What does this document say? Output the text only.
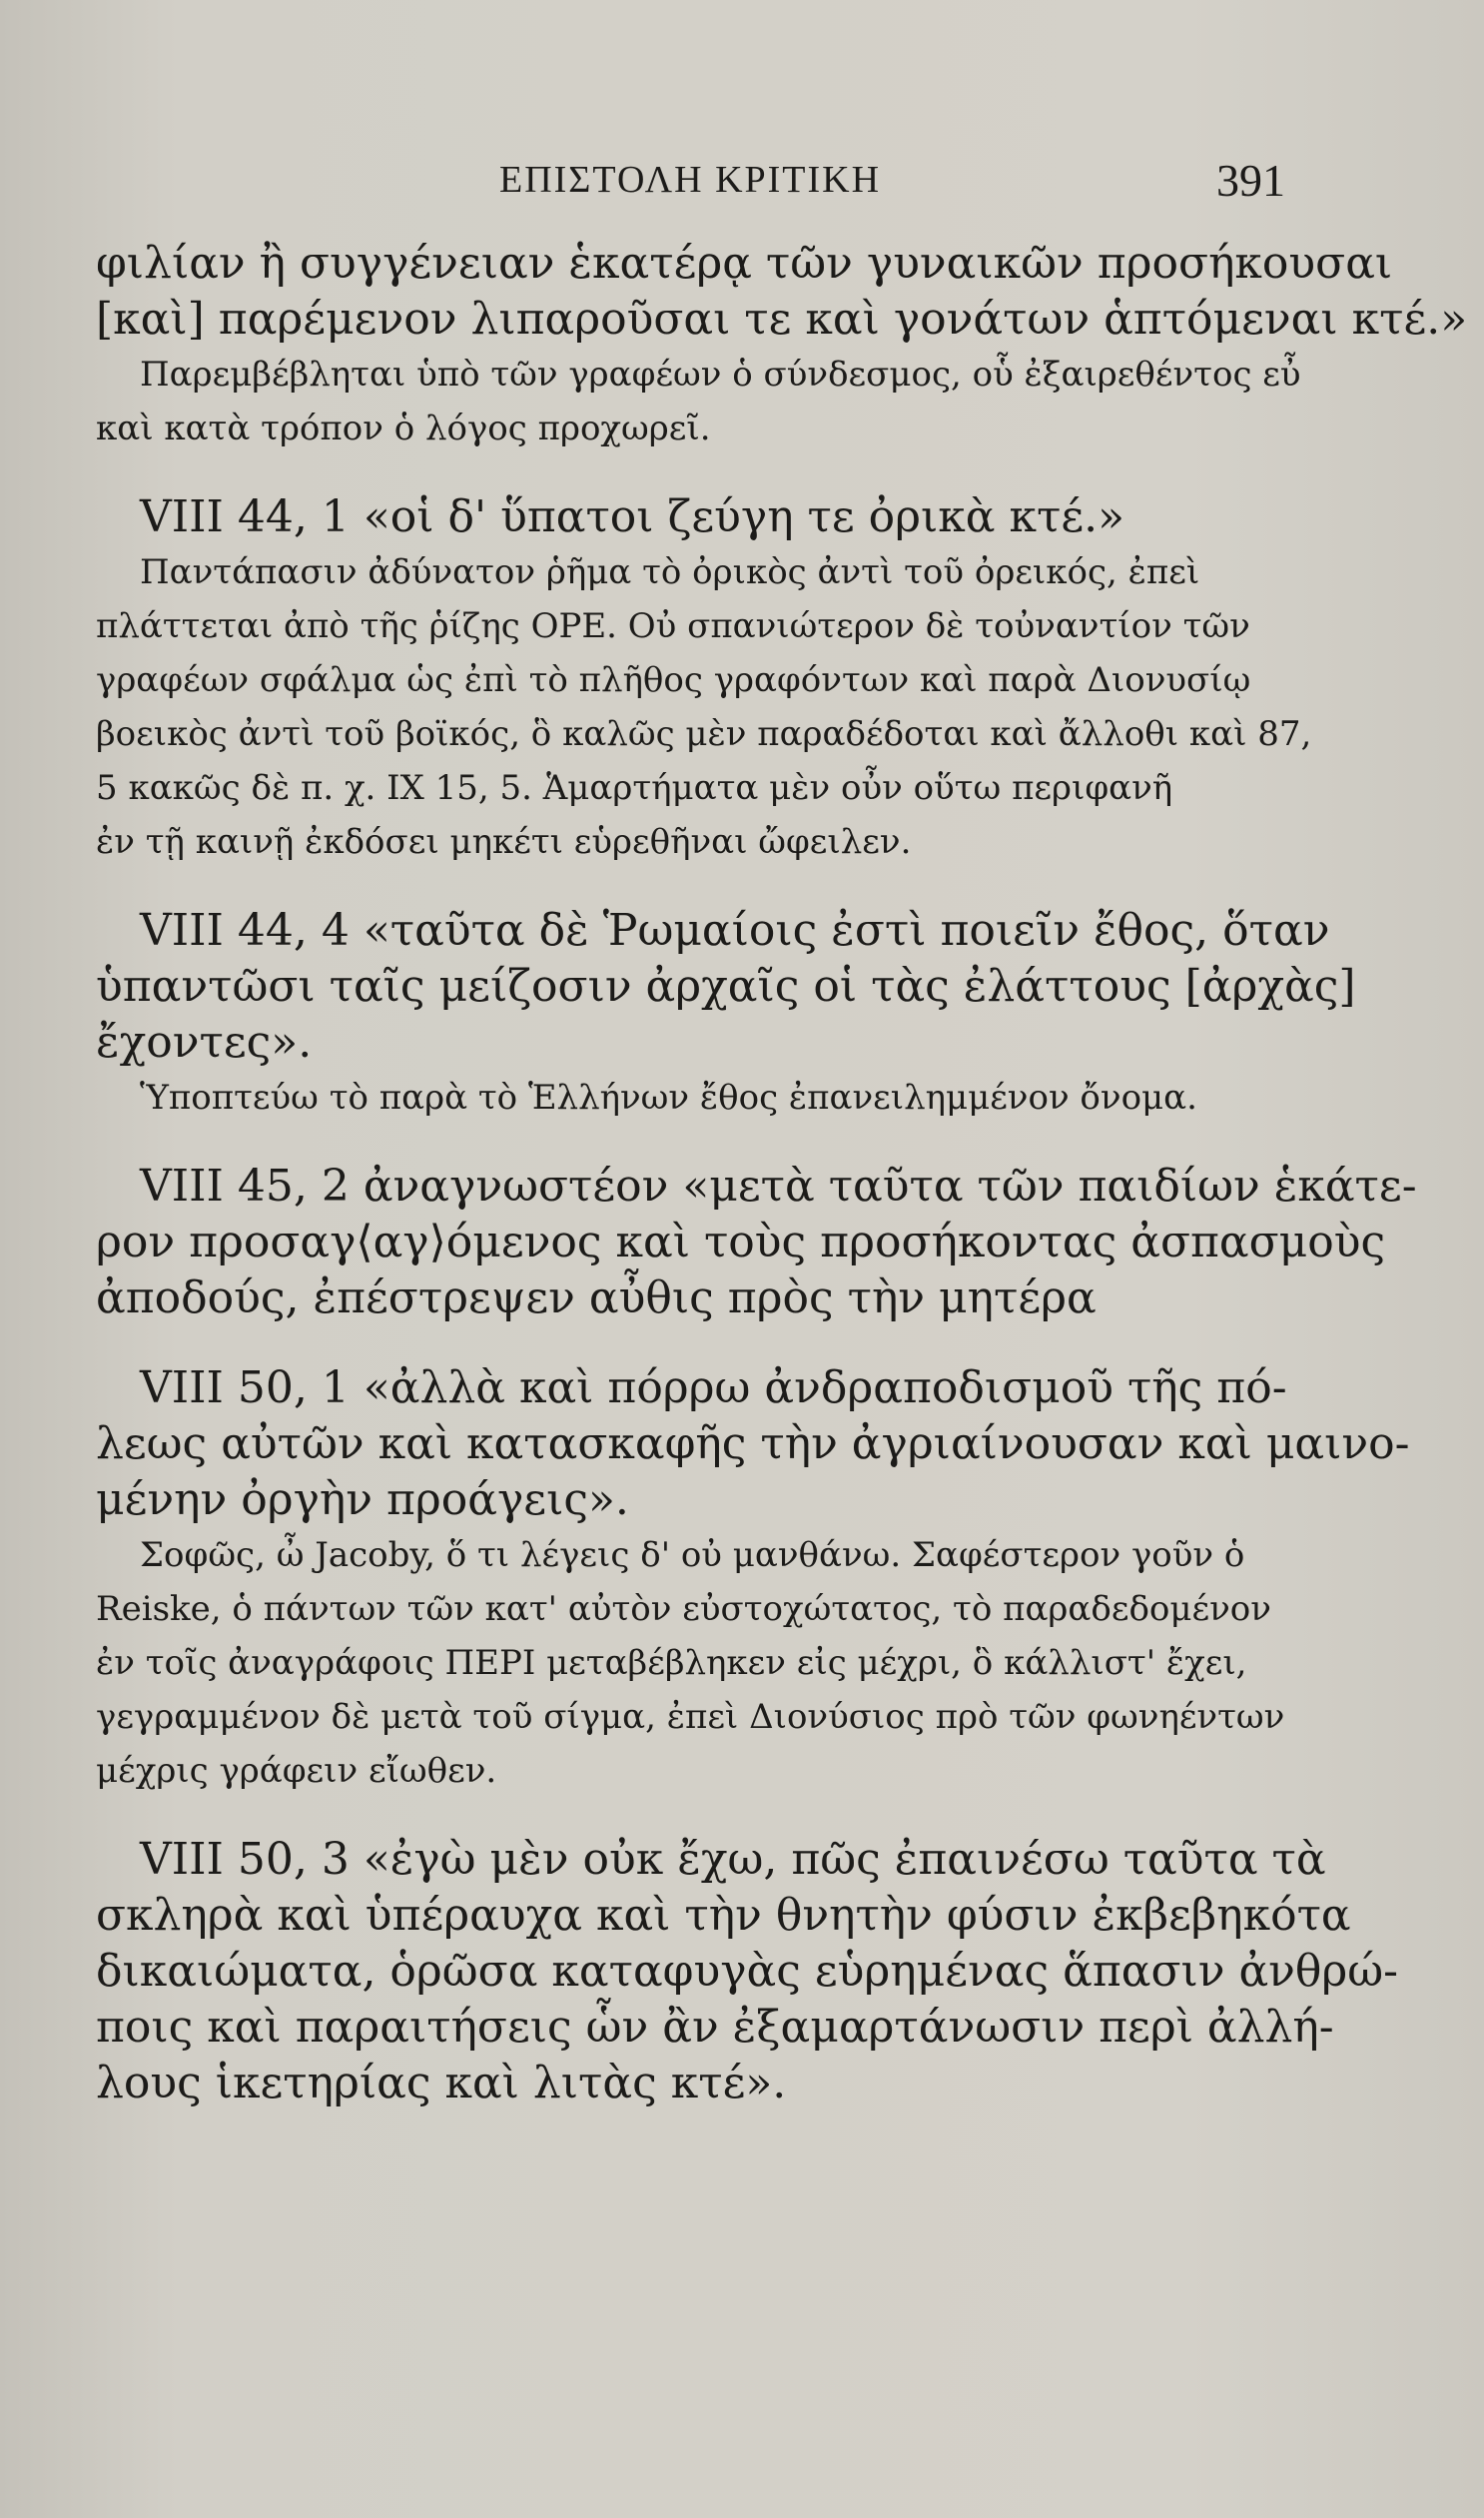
ΕΠΙΣΤΟΛΗ ΚΡΙΤΙΚΗ	391
φιλίαν ἢ συγγένειαν ἑκατέρᾳ τῶν γυναικῶν προσήκουσαι
[καὶ] παρέμενον λιπαροῦσαι τε καὶ γονάτων ἁπτόμεναι κτέ.»
Παρεμβέβληται ὑπὸ τῶν γραφέων ὁ σύνδεσμος, οὗ ἐξαιρεθέντος εὖ
καὶ κατὰ τρόπον ὁ λόγος προχωρεῖ.
VIII 44, 1 «οἱ δ' ὕπατοι ζεύγη τε ὀρικὰ κτέ.»
Παντάπασιν ἀδύνατον ῥῆμα τὸ ὀρικὸς ἀντὶ τοῦ ὀρεικός, ἐπεὶ
πλάττεται ἀπὸ τῆς ῥίζης ΟΡΕ. Οὐ σπανιώτερον δὲ τοὐναντίον τῶν
γραφέων σφάλμα ὡς ἐπὶ τὸ πλῆθος γραφόντων καὶ παρὰ Διονυσίῳ
βοεικὸς ἀντὶ τοῦ βοϊκός, ὃ καλῶς μὲν παραδέδοται καὶ ἄλλοθι καὶ 87,
5 κακῶς δὲ π. χ. IX 15, 5. Ἁμαρτήματα μὲν οὖν οὕτω περιφανῆ
ἐν τῇ καινῇ ἐκδόσει μηκέτι εὑρεθῆναι ὤφειλεν.
VIII 44, 4 «ταῦτα δὲ Ῥωμαίοις ἐστὶ ποιεῖν ἔθος, ὅταν
ὑπαντῶσι ταῖς μείζοσιν ἀρχαῖς οἱ τὰς ἐλάττους [ἀρχὰς]
ἔχοντες».
Ὑποπτεύω τὸ παρὰ τὸ Ἑλλήνων ἔθος ἐπανειλημμένον ὄνομα.
VIII 45, 2 ἀναγνωστέον «μετὰ ταῦτα τῶν παιδίων ἑκάτε-
ρον προσαγ⟨αγ⟩όμενος καὶ τοὺς προσήκοντας ἀσπασμοὺς
ἀποδούς, ἐπέστρεψεν αὖθις πρὸς τὴν μητέρα
VIII 50, 1 «ἀλλὰ καὶ πόρρω ἀνδραποδισμοῦ τῆς πό-
λεως αὐτῶν καὶ κατασκαφῆς τὴν ἀγριαίνουσαν καὶ μαινο-
μένην ὀργὴν προάγεις».
Σοφῶς, ὦ Jacoby, ὅ τι λέγεις δ' οὐ μανθάνω. Σαφέστερον γοῦν ὁ
Reiske, ὁ πάντων τῶν κατ' αὐτὸν εὐστοχώτατος, τὸ παραδεδομένον
ἐν τοῖς ἀναγράφοις ΠΕΡΙ μεταβέβληκεν εἰς μέχρι, ὃ κάλλιστ' ἔχει,
γεγραμμένον δὲ μετὰ τοῦ σίγμα, ἐπεὶ Διονύσιος πρὸ τῶν φωνηέντων
μέχρις γράφειν εἴωθεν.
VIII 50, 3 «ἐγὼ μὲν οὐκ ἔχω, πῶς ἐπαινέσω ταῦτα τὰ
σκληρὰ καὶ ὑπέραυχα καὶ τὴν θνητὴν φύσιν ἐκβεβηκότα
δικαιώματα, ὁρῶσα καταφυγὰς εὑρημένας ἅπασιν ἀνθρώ-
ποις καὶ παραιτήσεις ὧν ἂν ἐξαμαρτάνωσιν περὶ ἀλλή-
λους ἱκετηρίας καὶ λιτὰς κτέ».
